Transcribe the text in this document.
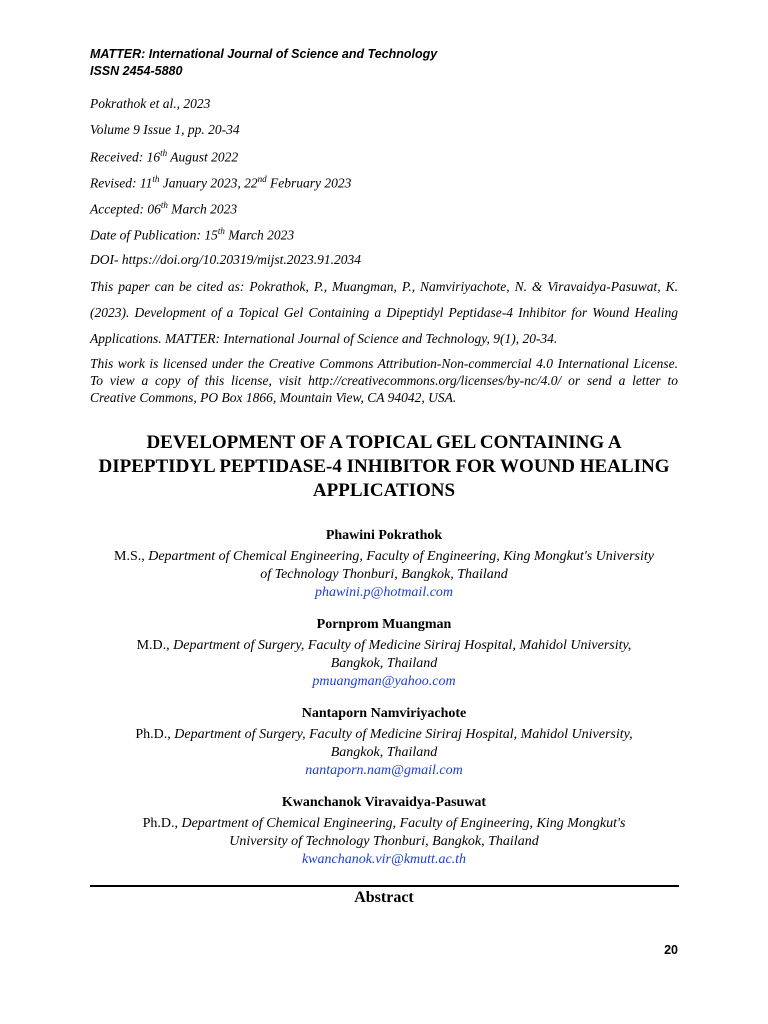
MATTER: International Journal of Science and Technology
ISSN 2454-5880
Pokrathok et al., 2023
Volume 9 Issue 1, pp. 20-34
Received: 16th August 2022
Revised: 11th January 2023, 22nd February 2023
Accepted: 06th March 2023
Date of Publication: 15th March 2023
DOI- https://doi.org/10.20319/mijst.2023.91.2034
This paper can be cited as: Pokrathok, P., Muangman, P., Namviriyachote, N. & Viravaidya-Pasuwat, K. (2023). Development of a Topical Gel Containing a Dipeptidyl Peptidase-4 Inhibitor for Wound Healing Applications. MATTER: International Journal of Science and Technology, 9(1), 20-34.
This work is licensed under the Creative Commons Attribution-Non-commercial 4.0 International License. To view a copy of this license, visit http://creativecommons.org/licenses/by-nc/4.0/ or send a letter to Creative Commons, PO Box 1866, Mountain View, CA 94042, USA.
DEVELOPMENT OF A TOPICAL GEL CONTAINING A DIPEPTIDYL PEPTIDASE-4 INHIBITOR FOR WOUND HEALING APPLICATIONS
Phawini Pokrathok
M.S., Department of Chemical Engineering, Faculty of Engineering, King Mongkut's University
of Technology Thonburi, Bangkok, Thailand
phawini.p@hotmail.com
Pornprom Muangman
M.D., Department of Surgery, Faculty of Medicine Siriraj Hospital, Mahidol University,
Bangkok, Thailand
pmuangman@yahoo.com
Nantaporn Namviriyachote
Ph.D., Department of Surgery, Faculty of Medicine Siriraj Hospital, Mahidol University,
Bangkok, Thailand
nantaporn.nam@gmail.com
Kwanchanok Viravaidya-Pasuwat
Ph.D., Department of Chemical Engineering, Faculty of Engineering, King Mongkut's
University of Technology Thonburi, Bangkok, Thailand
kwanchanok.vir@kmutt.ac.th
Abstract
20
